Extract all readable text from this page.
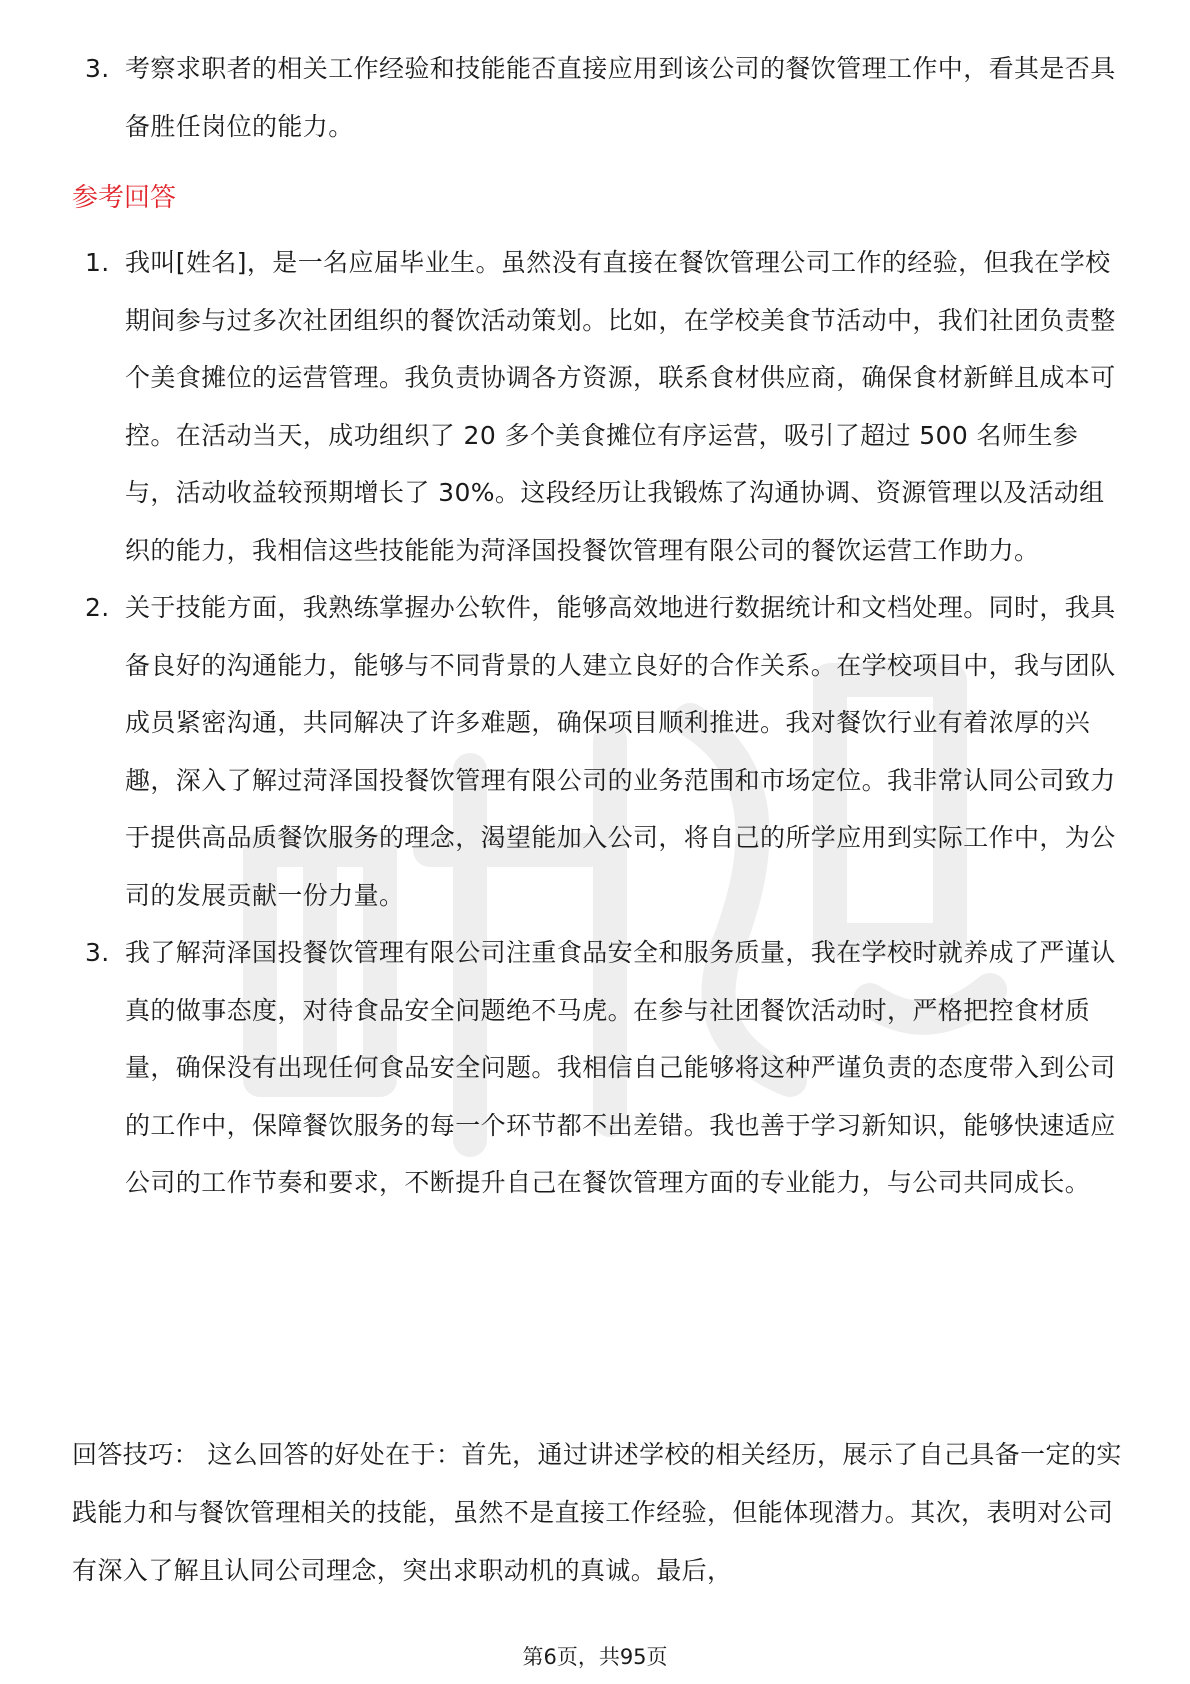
3. 考察求职者的相关工作经验和技能能否直接应用到该公司的餐饮管理工作中，看其是否具备胜任岗位的能力。
参考回答
1. 我叫[姓名]，是一名应届毕业生。虽然没有直接在餐饮管理公司工作的经验，但我在学校期间参与过多次社团组织的餐饮活动策划。比如，在学校美食节活动中，我们社团负责整个美食摊位的运营管理。我负责协调各方资源，联系食材供应商，确保食材新鲜且成本可控。在活动当天，成功组织了 20 多个美食摊位有序运营，吸引了超过 500 名师生参与，活动收益较预期增长了 30%。这段经历让我锻炼了沟通协调、资源管理以及活动组织的能力，我相信这些技能能为菏泽国投餐饮管理有限公司的餐饮运营工作助力。
2. 关于技能方面，我熟练掌握办公软件，能够高效地进行数据统计和文档处理。同时，我具备良好的沟通能力，能够与不同背景的人建立良好的合作关系。在学校项目中，我与团队成员紧密沟通，共同解决了许多难题，确保项目顺利推进。我对餐饮行业有着浓厚的兴趣，深入了解过菏泽国投餐饮管理有限公司的业务范围和市场定位。我非常认同公司致力于提供高品质餐饮服务的理念，渴望能加入公司，将自己的所学应用到实际工作中，为公司的发展贡献一份力量。
3. 我了解菏泽国投餐饮管理有限公司注重食品安全和服务质量，我在学校时就养成了严谨认真的做事态度，对待食品安全问题绝不马虎。在参与社团餐饮活动时，严格把控食材质量，确保没有出现任何食品安全问题。我相信自己能够将这种严谨负责的态度带入到公司的工作中，保障餐饮服务的每一个环节都不出差错。我也善于学习新知识，能够快速适应公司的工作节奏和要求，不断提升自己在餐饮管理方面的专业能力，与公司共同成长。

回答技巧： 这么回答的好处在于：首先，通过讲述学校的相关经历，展示了自己具备一定的实践能力和与餐饮管理相关的技能，虽然不是直接工作经验，但能体现潜力。其次，表明对公司有深入了解且认同公司理念，突出求职动机的真诚。最后，

第6页，共95页
